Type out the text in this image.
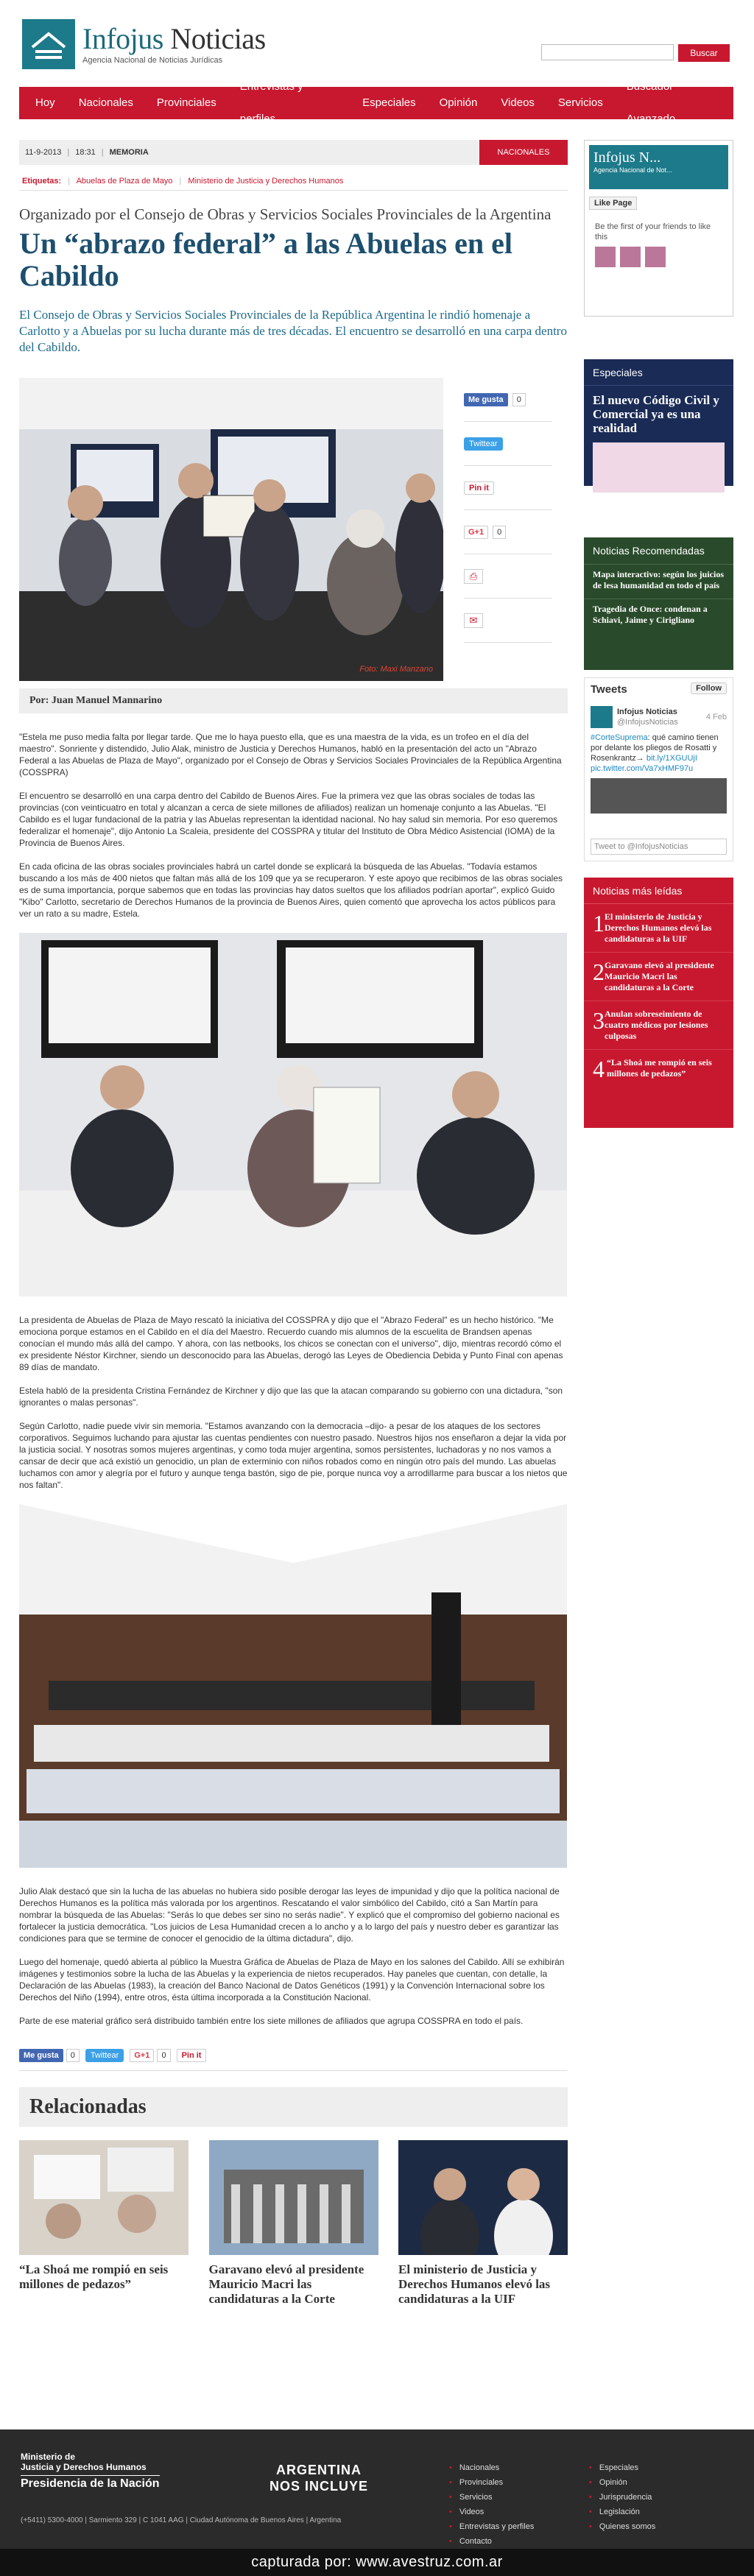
Infojus Noticias
Agencia Nacional de Noticias Jurídicas
Buscar
Hoy	Nacionales	Provinciales
Entrevistas y perfiles
Especiales	Opinión	Videos	Servicios
Buscador Avanzado
11-9-2013 | 18:31 | MEMORIA	NACIONALES
Etiquetas: | Abuelas de Plaza de Mayo | Ministerio de Justicia y Derechos Humanos
Organizado por el Consejo de Obras y Servicios Sociales Provinciales de la Argentina
Un “abrazo federal” a las Abuelas en el Cabildo
El Consejo de Obras y Servicios Sociales Provinciales de la República Argentina le rindió homenaje a Carlotto y a Abuelas por su lucha durante más de tres décadas. El encuentro se desarrolló en una carpa dentro del Cabildo.
Foto: Maxi Manzano
Me gusta	0
Twittear
Pin it
G+1	0
⎙
✉
Por: Juan Manuel Mannarino

"Estela me puso media falta por llegar tarde. Que me lo haya puesto ella, que es una maestra de la vida, es un trofeo en el día del maestro". Sonriente y distendido, Julio Alak, ministro de Justicia y Derechos Humanos, habló en la presentación del acto un "Abrazo Federal a las Abuelas de Plaza de Mayo", organizado por el Consejo de Obras y Servicios Sociales Provinciales de la República Argentina (COSSPRA)

El encuentro se desarrolló en una carpa dentro del Cabildo de Buenos Aires. Fue la primera vez que las obras sociales de todas las provincias (con veinticuatro en total y alcanzan a cerca de siete millones de afiliados) realizan un homenaje conjunto a las Abuelas. "El Cabildo es el lugar fundacional de la patria y las Abuelas representan la identidad nacional. No hay salud sin memoria. Por eso queremos federalizar el homenaje", dijo Antonio La Scaleia, presidente del COSSPRA y titular del Instituto de Obra Médico Asistencial (IOMA) de la Provincia de Buenos Aires.

En cada oficina de las obras sociales provinciales habrá un cartel donde se explicará la búsqueda de las Abuelas. "Todavía estamos buscando a los más de 400 nietos que faltan más allá de los 109 que ya se recuperaron. Y este apoyo que recibimos de las obras sociales es de suma importancia, porque sabemos que en todas las provincias hay datos sueltos que los afiliados podrían aportar", explicó Guido "Kibo" Carlotto, secretario de Derechos Humanos de la provincia de Buenos Aires, quien comentó que aprovecha los actos públicos para ver un rato a su madre, Estela.

La presidenta de Abuelas de Plaza de Mayo rescató la iniciativa del COSSPRA y dijo que el "Abrazo Federal" es un hecho histórico. "Me emociona porque estamos en el Cabildo en el día del Maestro. Recuerdo cuando mis alumnos de la escuelita de Brandsen apenas conocían el mundo más allá del campo. Y ahora, con las netbooks, los chicos se conectan con el universo", dijo, mientras recordó cómo el ex presidente Néstor Kirchner, siendo un desconocido para las Abuelas, derogó las Leyes de Obediencia Debida y Punto Final con apenas 89 días de mandato.

Estela habló de la presidenta Cristina Fernández de Kirchner y dijo que las que la atacan comparando su gobierno con una dictadura, "son ignorantes o malas personas".

Según Carlotto, nadie puede vivir sin memoria. "Estamos avanzando con la democracia –dijo- a pesar de los ataques de los sectores corporativos. Seguimos luchando para ajustar las cuentas pendientes con nuestro pasado. Nuestros hijos nos enseñaron a dejar la vida por la justicia social. Y nosotras somos mujeres argentinas, y como toda mujer argentina, somos persistentes, luchadoras y no nos vamos a cansar de decir que acá existió un genocidio, un plan de exterminio con niños robados como en ningún otro país del mundo. Las abuelas luchamos con amor y alegría por el futuro y aunque tenga bastón, sigo de pie, porque nunca voy a arrodillarme para buscar a los nietos que nos faltan".

Julio Alak destacó que sin la lucha de las abuelas no hubiera sido posible derogar las leyes de impunidad y dijo que la política nacional de Derechos Humanos es la política más valorada por los argentinos. Rescatando el valor simbólico del Cabildo, citó a San Martín para nombrar la búsqueda de las Abuelas: "Serás lo que debes ser sino no serás nadie". Y explicó que el compromiso del gobierno nacional es fortalecer la justicia democrática. "Los juicios de Lesa Humanidad crecen a lo ancho y a lo largo del país y nuestro deber es garantizar las condiciones para que se termine de conocer el genocidio de la última dictadura", dijo.

Luego del homenaje, quedó abierta al público la Muestra Gráfica de Abuelas de Plaza de Mayo en los salones del Cabildo. Allí se exhibirán imágenes y testimonios sobre la lucha de las Abuelas y la experiencia de nietos recuperados. Hay paneles que cuentan, con detalle, la Declaración de las Abuelas (1983), la creación del Banco Nacional de Datos Genéticos (1991) y la Convención Internacional sobre los Derechos del Niño (1994), entre otros, ésta última incorporada a la Constitución Nacional.

Parte de ese material gráfico será distribuido también entre los siete millones de afiliados que agrupa COSSPRA en todo el país.

Me gusta	0	Twittear	G+1	0	Pin it
Relacionadas
“La Shoá me rompió en seis millones de pedazos”
Garavano elevó al presidente Mauricio Macri las candidaturas a la Corte
El ministerio de Justicia y Derechos Humanos elevó las candidaturas a la UIF
Infojus N...
Agencia Nacional de Not...
Like Page
Be the first of your friends to like this
Especiales
El nuevo Código Civil y Comercial ya es una realidad
Noticias Recomendadas
Mapa interactivo: según los juicios de lesa humanidad en todo el país
Tragedia de Once: condenan a Schiavi, Jaime y Cirigliano
Tweets	Follow
Infojus Noticias
@InfojusNoticias
4 Feb
#CorteSuprema: qué camino tienen por delante los pliegos de Rosatti y Rosenkrantz→ bit.ly/1XGUUjI pic.twitter.com/Va7xHMF97u
Tweet to @InfojusNoticias
Noticias más leídas
1 El ministerio de Justicia y Derechos Humanos elevó las candidaturas a la UIF
2 Garavano elevó al presidente Mauricio Macri las candidaturas a la Corte
3 Anulan sobreseimiento de cuatro médicos por lesiones culposas
4 “La Shoá me rompió en seis millones de pedazos”
Ministerio de
Justicia y Derechos Humanos
Presidencia de la Nación
(+5411) 5300-4000 | Sarmiento 329 | C 1041 AAG | Ciudad Autónoma de Buenos Aires | Argentina
ARGENTINA
NOS INCLUYE
• Nacionales
• Provinciales
• Servicios
• Videos
• Entrevistas y perfiles
• Contacto
• Especiales
• Opinión
• Jurisprudencia
• Legislación
• Quienes somos
capturada por: www.avestruz.com.ar
